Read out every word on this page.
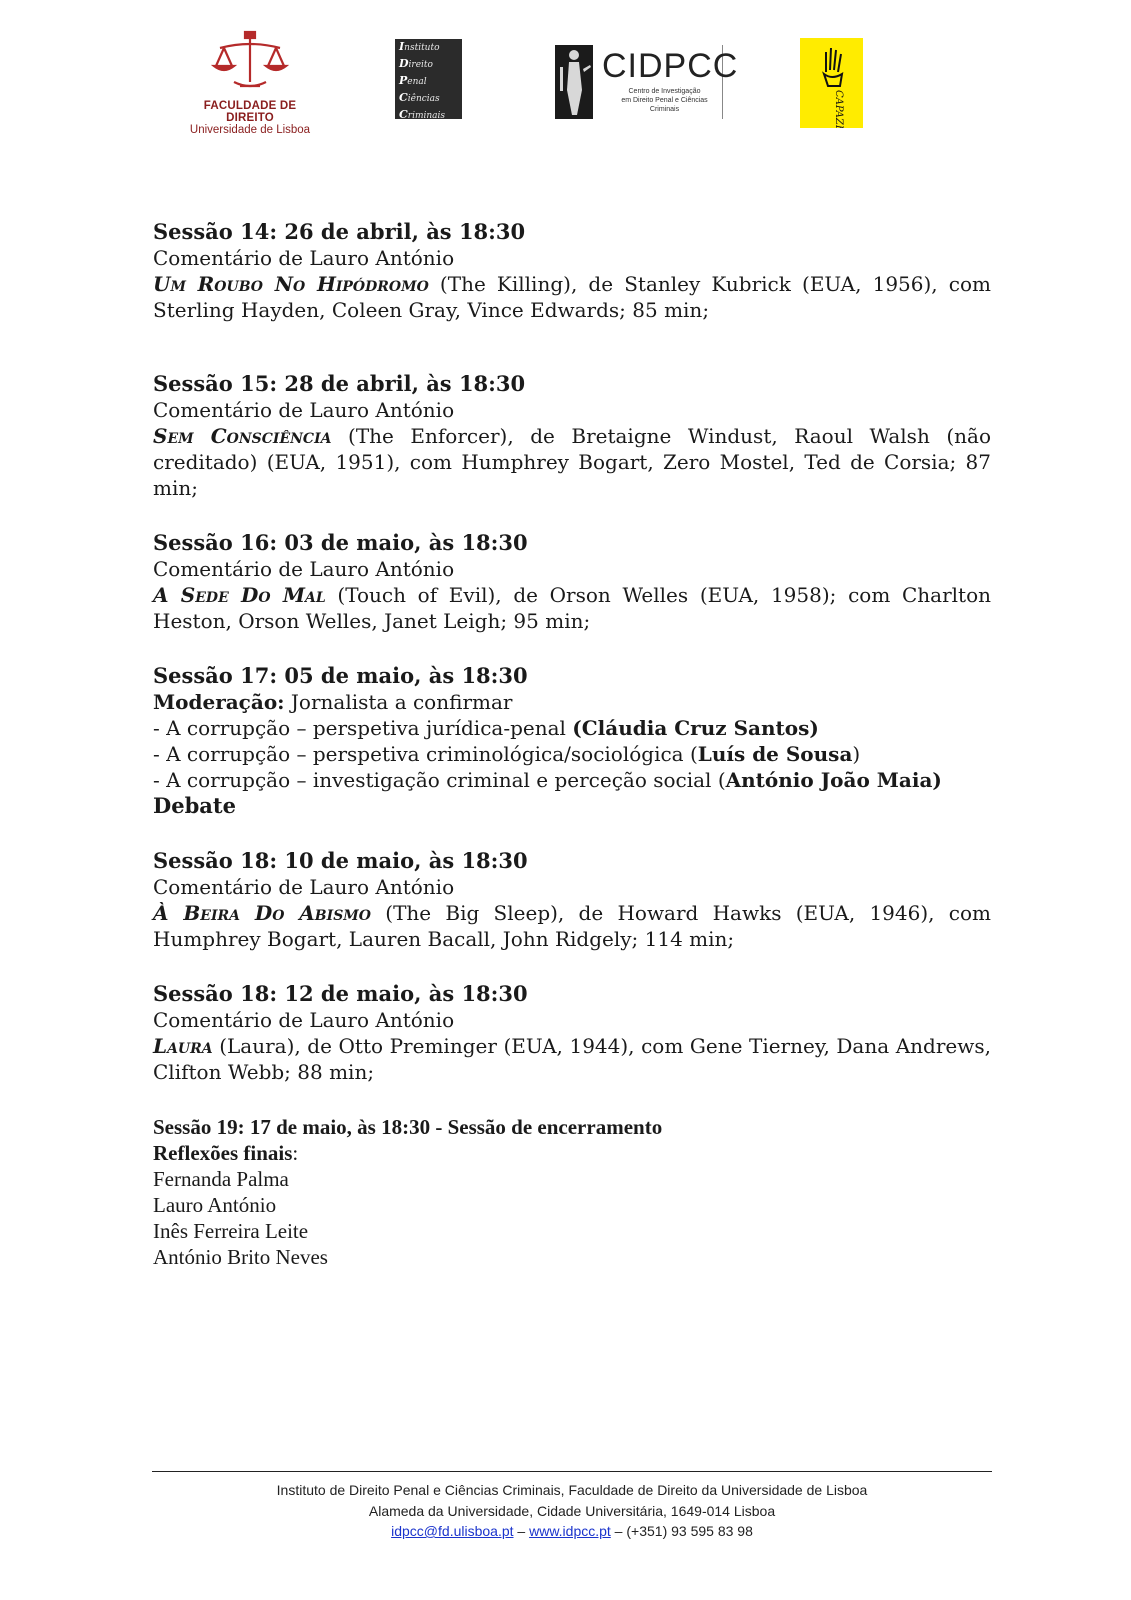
FACULDADE DE DIREITO
Universidade de Lisboa
Instituto
Direito
Penal
Ciências
Criminais
CIDPCC
Centro de Investigação
em Direito Penal e Ciências Criminais	CAPAZES
Sessão 14: 26 de abril, às 18:30
Comentário de Lauro António
Um Roubo No Hipódromo (The Killing), de Stanley Kubrick (EUA, 1956), com Sterling Hayden, Coleen Gray, Vince Edwards; 85 min;
Sessão 15: 28 de abril, às 18:30
Comentário de Lauro António
Sem Consciência (The Enforcer), de Bretaigne Windust, Raoul Walsh (não creditado) (EUA, 1951), com Humphrey Bogart, Zero Mostel, Ted de Corsia; 87 min;
Sessão 16: 03 de maio, às 18:30
Comentário de Lauro António
A Sede Do Mal (Touch of Evil), de Orson Welles (EUA, 1958); com Charlton Heston, Orson Welles, Janet Leigh; 95 min;
Sessão 17: 05 de maio, às 18:30
Moderação: Jornalista a confirmar
- A corrupção – perspetiva jurídica-penal (Cláudia Cruz Santos)
- A corrupção – perspetiva criminológica/sociológica (Luís de Sousa)
- A corrupção – investigação criminal e perceção social (António João Maia)
Debate
Sessão 18: 10 de maio, às 18:30
Comentário de Lauro António
À Beira Do Abismo (The Big Sleep), de Howard Hawks (EUA, 1946), com Humphrey Bogart, Lauren Bacall, John Ridgely; 114 min;
Sessão 18: 12 de maio, às 18:30
Comentário de Lauro António
Laura (Laura), de Otto Preminger (EUA, 1944), com Gene Tierney, Dana Andrews, Clifton Webb; 88 min;
Sessão 19: 17 de maio, às 18:30 - Sessão de encerramento
Reflexões finais:
Fernanda Palma
Lauro António
Inês Ferreira Leite
António Brito Neves
Instituto de Direito Penal e Ciências Criminais, Faculdade de Direito da Universidade de Lisboa
Alameda da Universidade, Cidade Universitária, 1649-014 Lisboa
idpcc@fd.ulisboa.pt – www.idpcc.pt – (+351) 93 595 83 98
